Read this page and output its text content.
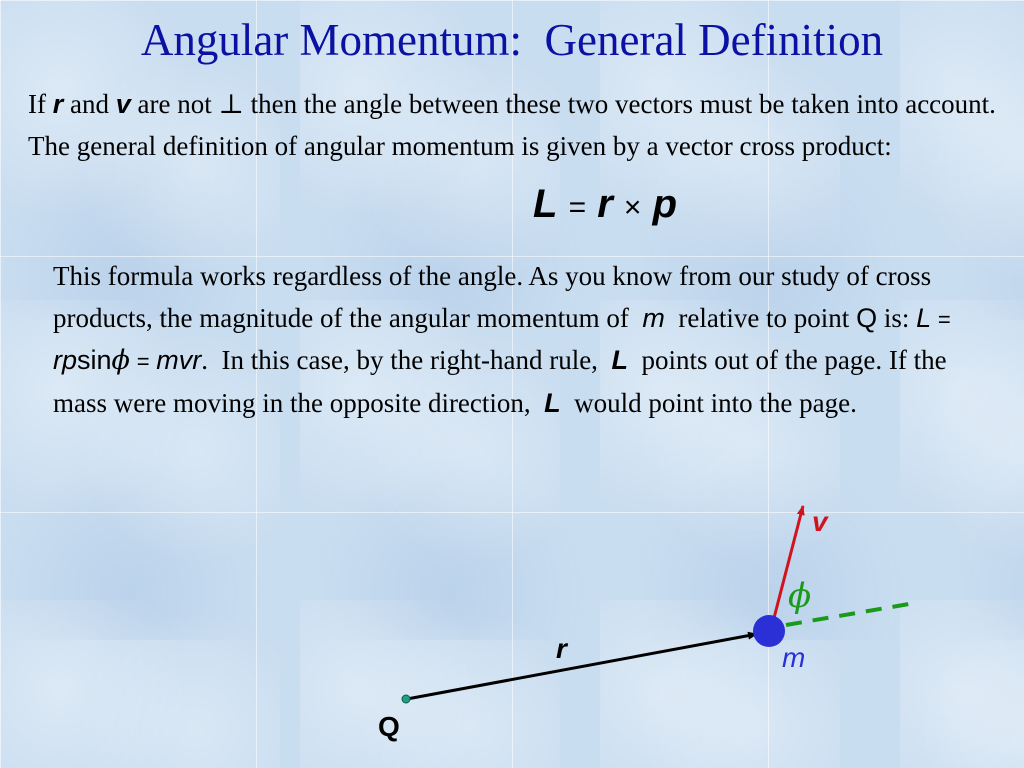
Angular Momentum:  General Definition

If r and v are not ⊥ then the angle between these two vectors must be taken into account. The general definition of angular momentum is given by a vector cross product:

L = r × p

This formula works regardless of the angle. As you know from our study of cross products, the magnitude of the angular momentum of m relative to point Q is: L = rpsinϕ = mvr. In this case, by the right-hand rule, L points out of the page. If the mass were moving in the opposite direction, L would point into the page.

v
ϕ
m
r
Q
